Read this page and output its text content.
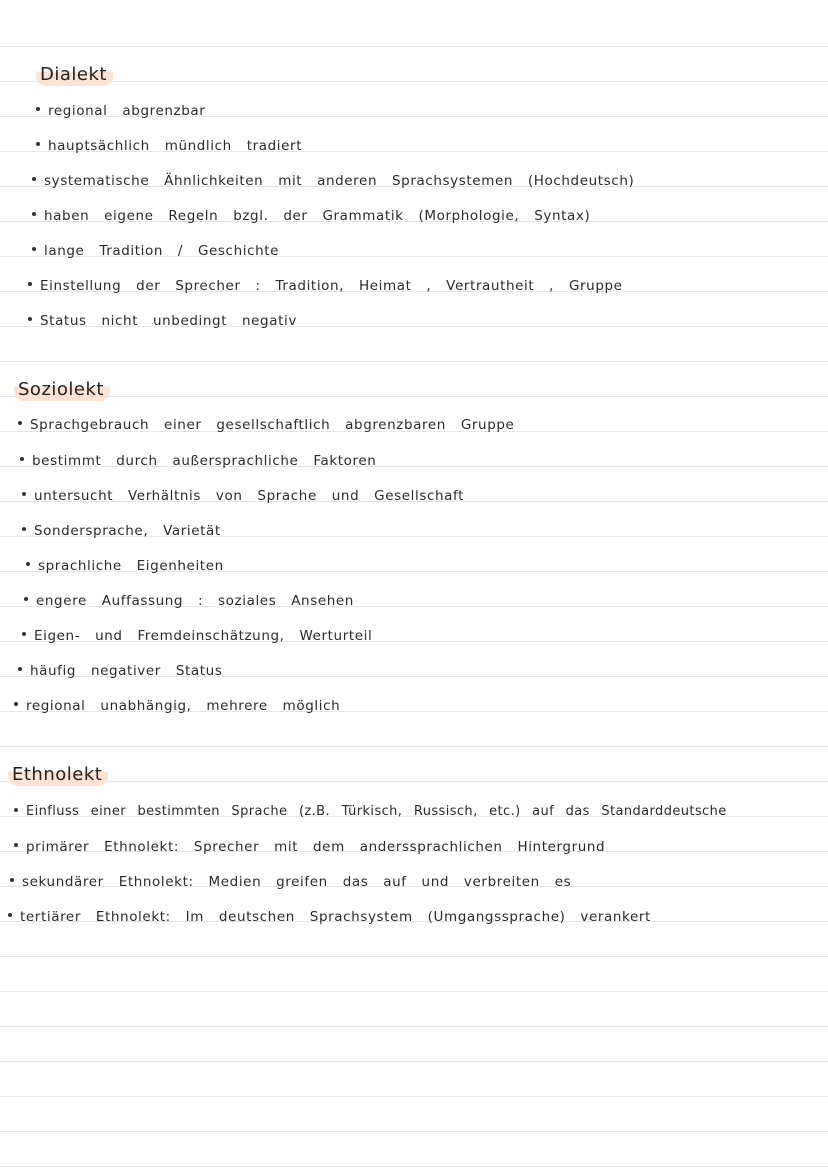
Dialekt
regional abgrenzbar
hauptsächlich mündlich tradiert
systematische Ähnlichkeiten mit anderen Sprachsystemen (Hochdeutsch)
haben eigene Regeln bzgl. der Grammatik (Morphologie, Syntax)
lange Tradition / Geschichte
Einstellung der Sprecher : Tradition, Heimat , Vertrautheit , Gruppe
Status nicht unbedingt negativ
Soziolekt
Sprachgebrauch einer gesellschaftlich abgrenzbaren Gruppe
bestimmt durch außersprachliche Faktoren
untersucht Verhältnis von Sprache und Gesellschaft
Sondersprache, Varietät
sprachliche Eigenheiten
engere Auffassung : soziales Ansehen
Eigen- und Fremdeinschätzung, Werturteil
häufig negativer Status
regional unabhängig, mehrere möglich
Ethnolekt
Einfluss einer bestimmten Sprache (z.B. Türkisch, Russisch, etc.) auf das Standarddeutsche
primärer Ethnolekt: Sprecher mit dem anderssprachlichen Hintergrund
sekundärer Ethnolekt: Medien greifen das auf und verbreiten es
tertiärer Ethnolekt: Im deutschen Sprachsystem (Umgangssprache) verankert
